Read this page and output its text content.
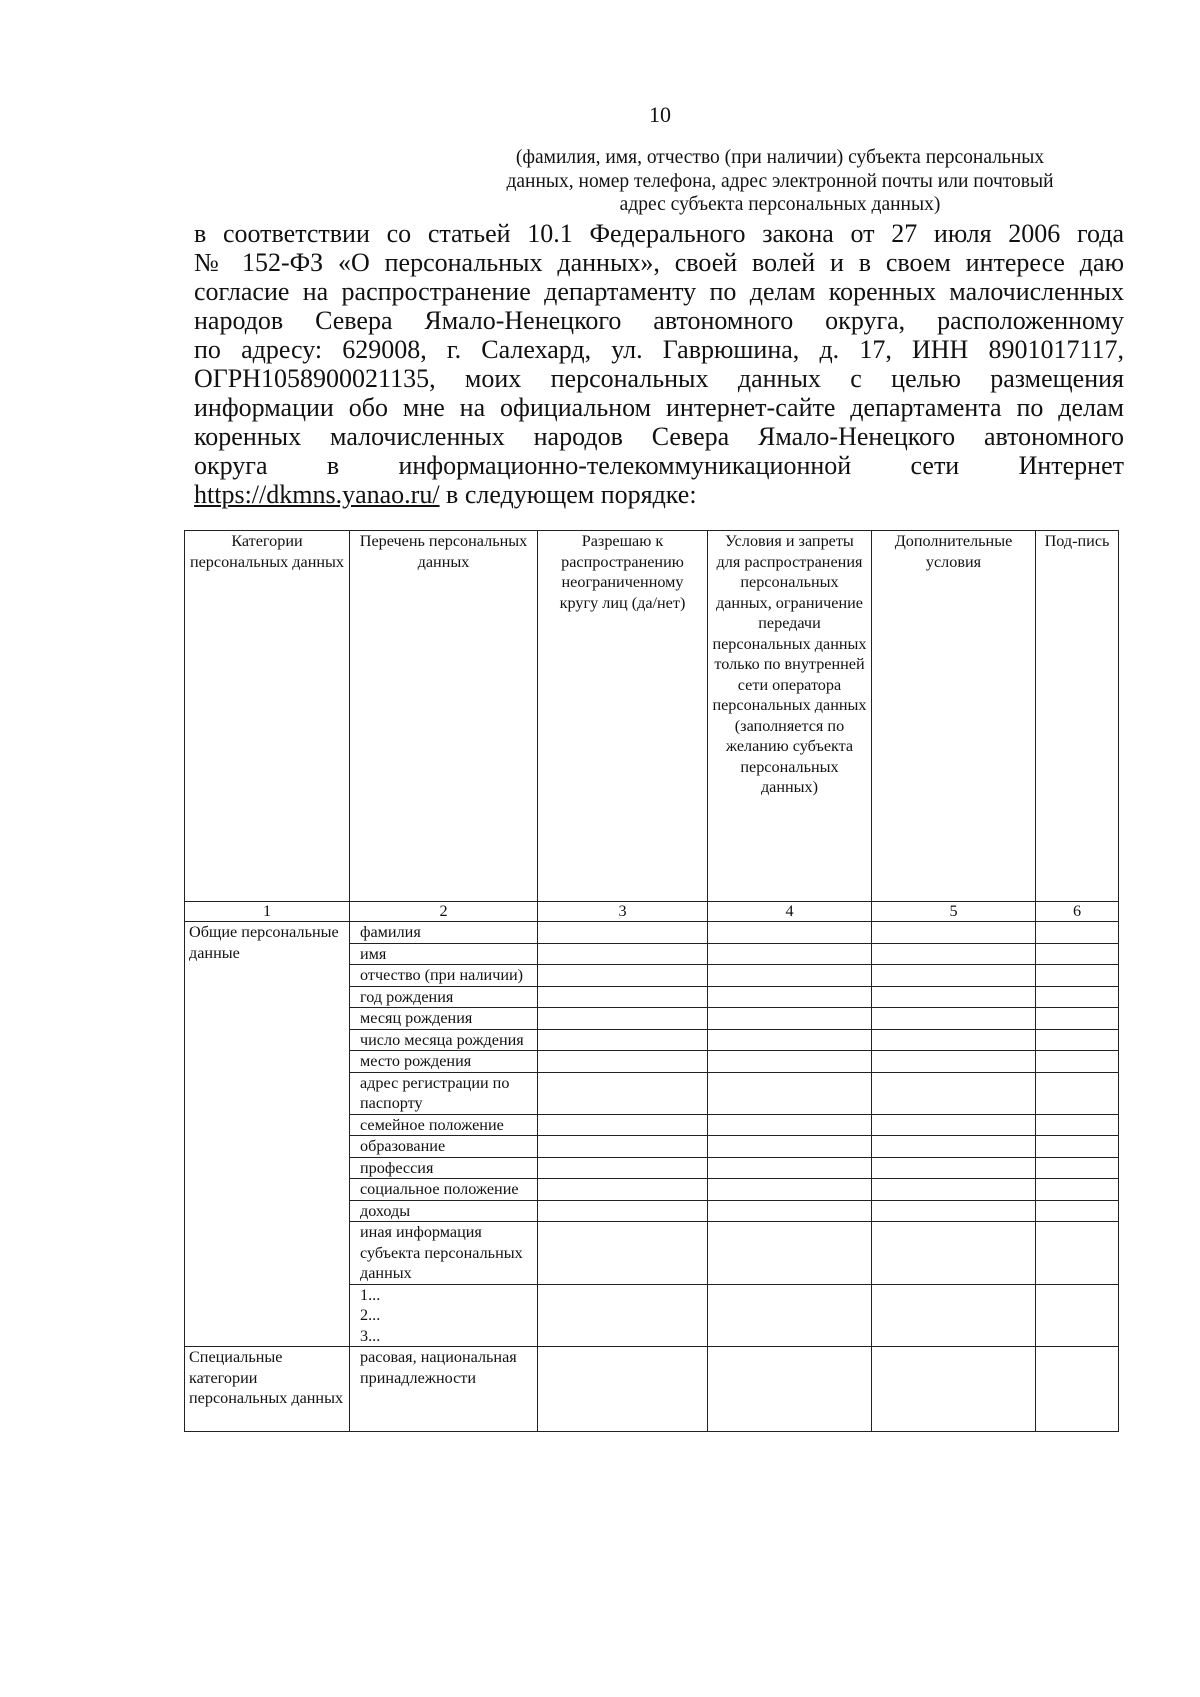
10
(фамилия, имя, отчество (при наличии) субъекта персональных
данных, номер телефона, адрес электронной почты или почтовый
адрес субъекта персональных данных)
в соответствии со статьей 10.1 Федерального закона от 27 июля 2006 года
№ 152-ФЗ «О персональных данных», своей волей и в своем интересе даю
согласие на распространение департаменту по делам коренных малочисленных
народов Севера Ямало-Ненецкого автономного округа, расположенному
по адресу: 629008, г. Салехард, ул. Гаврюшина, д. 17, ИНН 8901017117,
ОГРН1058900021135, моих персональных данных с целью размещения
информации обо мне на официальном интернет-сайте департамента по делам
коренных малочисленных народов Севера Ямало-Ненецкого автономного
округа в информационно-телекоммуникационной сети Интернет
https://dkmns.yanao.ru/ в следующем порядке:
Категории персональных данных	Перечень персональных данных	Разрешаю к распространению неограниченному кругу лиц (да/нет)	Условия и запреты для распространения персональных данных, ограничение передачи персональных данных только по внутренней сети оператора персональных данных (заполняется по желанию субъекта персональных данных)	Дополнительные условия	Под-пись
1	2	3	4	5	6
Общие персональные данные	фамилия				
	имя				
	отчество (при наличии)				
	год рождения				
	месяц рождения				
	число месяца рождения				
	место рождения				
	адрес регистрации по паспорту				
	семейное положение				
	образование				
	профессия				
	социальное положение				
	доходы				
	иная информация субъекта персональных данных				

	1...
2...
3...				

Специальные категории персональных данных	расовая, национальная принадлежности				
